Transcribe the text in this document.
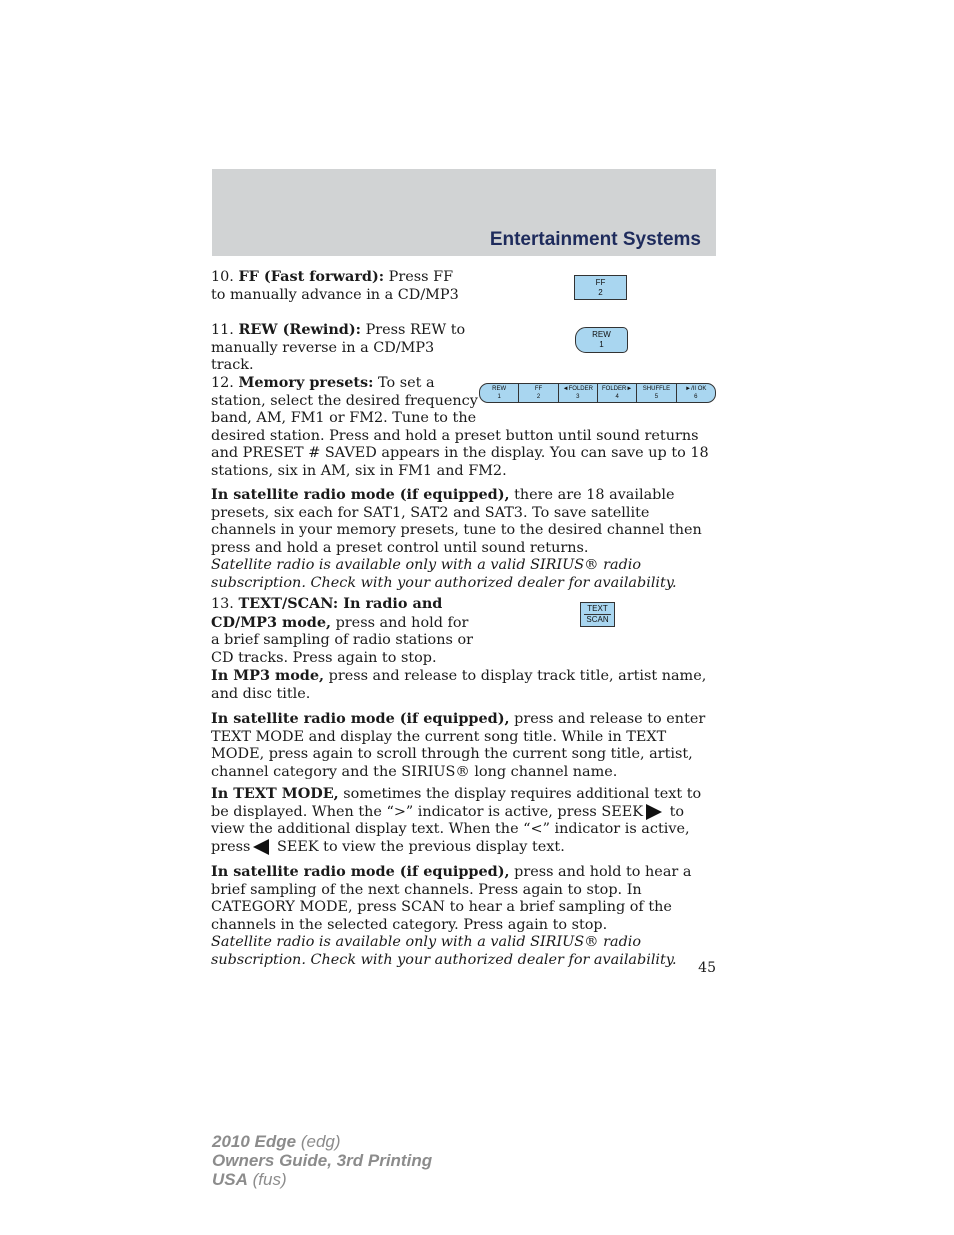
Entertainment Systems

10. FF (Fast forward): Press FF

to manually advance in a CD/MP3

FF
2

11. REW (Rewind): Press REW to

manually reverse in a CD/MP3 track.

REW
1

12. Memory presets: To set a

station, select the desired frequency

band, AM, FM1 or FM2. Tune to the

desired station. Press and hold a preset button until sound returns and PRESET # SAVED appears in the display. You can save up to 18 stations, six in AM, six in FM1 and FM2.

In satellite radio mode (if equipped), there are 18 available presets, six each for SAT1, SAT2 and SAT3. To save satellite channels in your memory presets, tune to the desired channel then press and hold a preset control until sound returns.

Satellite radio is available only with a valid SIRIUS® radio subscription. Check with your authorized dealer for availability.

REW
1
FF
2
◄FOLDER
3
FOLDER►
4
SHUFFLE
5
►/II OK
6

13. TEXT/SCAN: In radio and

CD/MP3 mode, press and hold for

a brief sampling of radio stations or

CD tracks. Press again to stop.

In MP3 mode, press and release to display track title, artist name, and disc title.

In satellite radio mode (if equipped), press and release to enter TEXT MODE and display the current song title. While in TEXT MODE, press again to scroll through the current song title, artist, channel category and the SIRIUS® long channel name.

In TEXT MODE, sometimes the display requires additional text to be displayed. When the “>” indicator is active, press SEEK to view the additional display text. When the “<” indicator is active, press SEEK to view the previous display text.

In satellite radio mode (if equipped), press and hold to hear a brief sampling of the next channels. Press again to stop. In CATEGORY MODE, press SCAN to hear a brief sampling of the channels in the selected category. Press again to stop.

Satellite radio is available only with a valid SIRIUS® radio subscription. Check with your authorized dealer for availability.

TEXT
SCAN
45
2010 Edge (edg)
Owners Guide, 3rd Printing
USA (fus)
